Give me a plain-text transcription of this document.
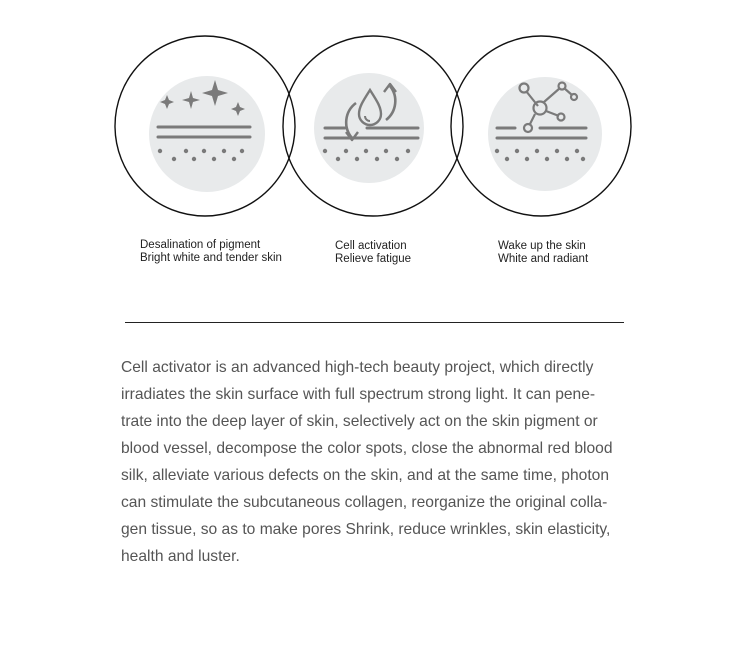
Desalination of pigment
Bright white and tender skin
Cell activation
Relieve fatigue
Wake up the skin
White and radiant

Cell activator is an advanced high-tech beauty project, which directly
irradiates the skin surface with full spectrum strong light. It can pene-
trate into the deep layer of skin, selectively act on the skin pigment or
blood vessel, decompose the color spots, close the abnormal red blood
silk, alleviate various defects on the skin, and at the same time, photon
can stimulate the subcutaneous collagen, reorganize the original colla-
gen tissue, so as to make pores Shrink, reduce wrinkles, skin elasticity,
health and luster.
